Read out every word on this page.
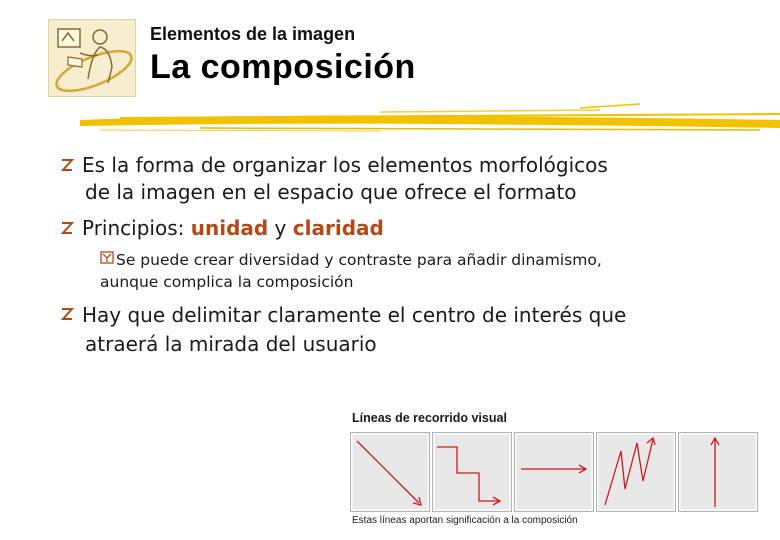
Elementos de la imagen
La composición
Es la forma de organizar los elementos morfológicos
de la imagen en el espacio que ofrece el formato
Principios: unidad y claridad
Se puede crear diversidad y contraste para añadir dinamismo,
aunque complica la composición
Hay que delimitar claramente el centro de interés que
atraerá la mirada del usuario
Líneas de recorrido visual
Estas líneas aportan significación a la composición
